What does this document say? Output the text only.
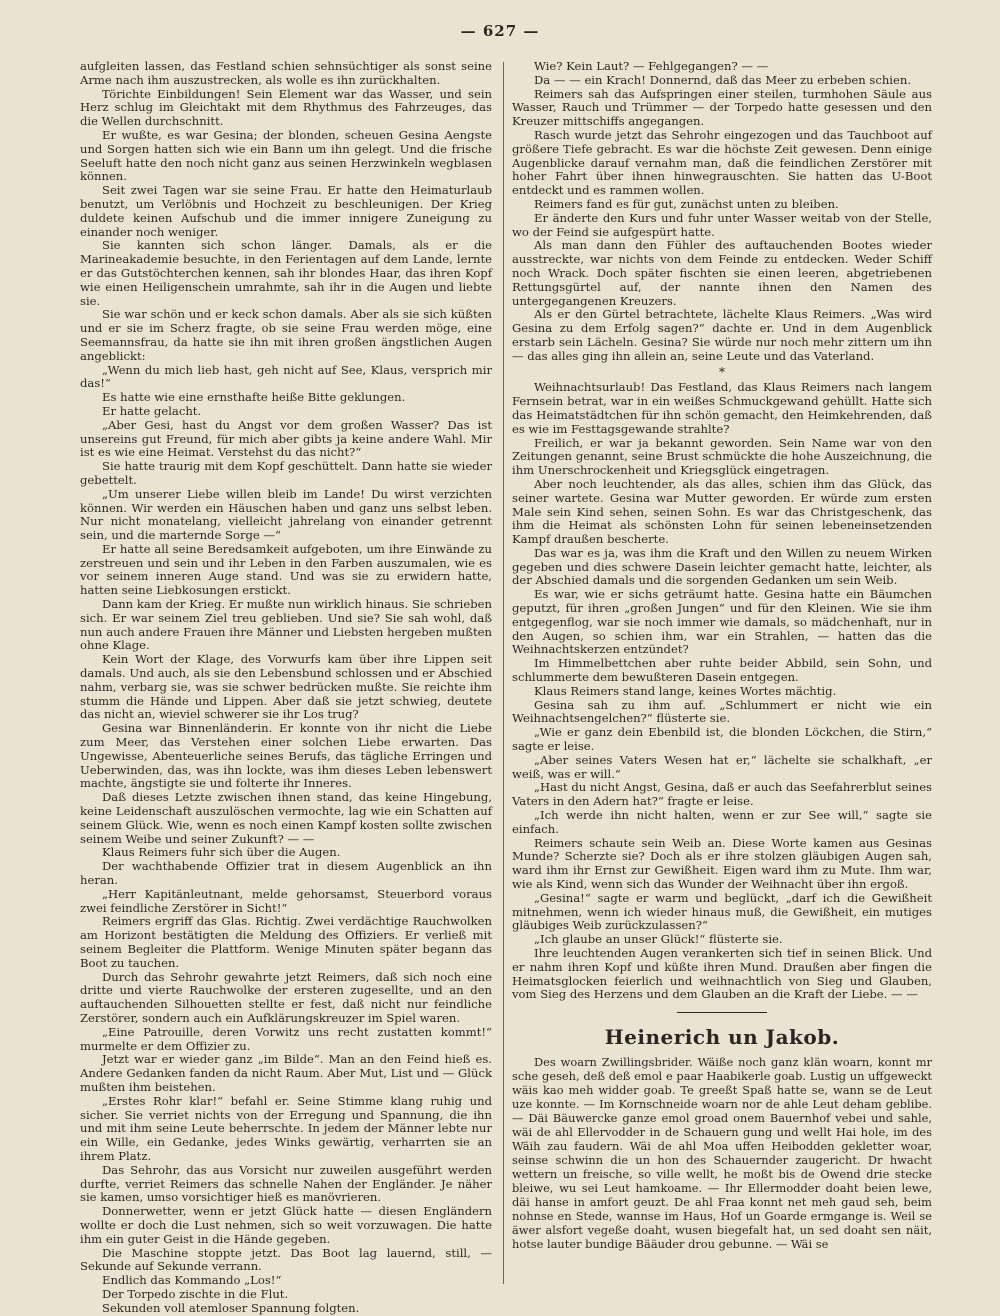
— 627 —

aufgleiten lassen, das Festland schien sehnsüchtiger als sonst seine Arme nach ihm auszustrecken, als wolle es ihn zurückhalten.

Törichte Einbildungen! Sein Element war das Wasser, und sein Herz schlug im Gleichtakt mit dem Rhythmus des Fahrzeuges, das die Wellen durchschnitt.

Er wußte, es war Gesina; der blonden, scheuen Gesina Aengste und Sorgen hatten sich wie ein Bann um ihn gelegt. Und die frische Seeluft hatte den noch nicht ganz aus seinen Herzwinkeln wegblasen können.

Seit zwei Tagen war sie seine Frau. Er hatte den Heimaturlaub benutzt, um Verlöbnis und Hochzeit zu beschleunigen. Der Krieg duldete keinen Aufschub und die immer innigere Zuneigung zu einander noch weniger.

Sie kannten sich schon länger. Damals, als er die Marineakademie besuchte, in den Ferientagen auf dem Lande, lernte er das Gutstöchterchen kennen, sah ihr blondes Haar, das ihren Kopf wie einen Heiligenschein umrahmte, sah ihr in die Augen und liebte sie.

Sie war schön und er keck schon damals. Aber als sie sich küßten und er sie im Scherz fragte, ob sie seine Frau werden möge, eine Seemannsfrau, da hatte sie ihn mit ihren großen ängstlichen Augen angeblickt:

„Wenn du mich lieb hast, geh nicht auf See, Klaus, versprich mir das!“

Es hatte wie eine ernsthafte heiße Bitte geklungen.

Er hatte gelacht.

„Aber Gesi, hast du Angst vor dem großen Wasser? Das ist unsereins gut Freund, für mich aber gibts ja keine andere Wahl. Mir ist es wie eine Heimat. Verstehst du das nicht?“

Sie hatte traurig mit dem Kopf geschüttelt. Dann hatte sie wieder gebettelt.

„Um unserer Liebe willen bleib im Lande! Du wirst verzichten können. Wir werden ein Häuschen haben und ganz uns selbst leben. Nur nicht monatelang, vielleicht jahrelang von einander getrennt sein, und die marternde Sorge —“

Er hatte all seine Beredsamkeit aufgeboten, um ihre Einwände zu zerstreuen und sein und ihr Leben in den Farben auszumalen, wie es vor seinem inneren Auge stand. Und was sie zu erwidern hatte, hatten seine Liebkosungen erstickt.

Dann kam der Krieg. Er mußte nun wirklich hinaus. Sie schrieben sich. Er war seinem Ziel treu geblieben. Und sie? Sie sah wohl, daß nun auch andere Frauen ihre Männer und Liebsten hergeben mußten ohne Klage.

Kein Wort der Klage, des Vorwurfs kam über ihre Lippen seit damals. Und auch, als sie den Lebensbund schlossen und er Abschied nahm, verbarg sie, was sie schwer bedrücken mußte. Sie reichte ihm stumm die Hände und Lippen. Aber daß sie jetzt schwieg, deutete das nicht an, wieviel schwerer sie ihr Los trug?

Gesina war Binnenländerin. Er konnte von ihr nicht die Liebe zum Meer, das Verstehen einer solchen Liebe erwarten. Das Ungewisse, Abenteuerliche seines Berufs, das tägliche Erringen und Ueberwinden, das, was ihn lockte, was ihm dieses Leben lebenswert machte, ängstigte sie und folterte ihr Inneres.

Daß dieses Letzte zwischen ihnen stand, das keine Hingebung, keine Leidenschaft auszulöschen vermochte, lag wie ein Schatten auf seinem Glück. Wie, wenn es noch einen Kampf kosten sollte zwischen seinem Weibe und seiner Zukunft? — —

Klaus Reimers fuhr sich über die Augen.

Der wachthabende Offizier trat in diesem Augenblick an ihn heran.

„Herr Kapitänleutnant, melde gehorsamst, Steuerbord voraus zwei feindliche Zerstörer in Sicht!“

Reimers ergriff das Glas. Richtig. Zwei verdächtige Rauchwolken am Horizont bestätigten die Meldung des Offiziers. Er verließ mit seinem Begleiter die Plattform. Wenige Minuten später begann das Boot zu tauchen.

Durch das Sehrohr gewahrte jetzt Reimers, daß sich noch eine dritte und vierte Rauchwolke der ersteren zugesellte, und an den auftauchenden Silhouetten stellte er fest, daß nicht nur feindliche Zerstörer, sondern auch ein Aufklärungskreuzer im Spiel waren.

„Eine Patrouille, deren Vorwitz uns recht zustatten kommt!“ murmelte er dem Offizier zu.

Jetzt war er wieder ganz „im Bilde“. Man an den Feind hieß es. Andere Gedanken fanden da nicht Raum. Aber Mut, List und — Glück mußten ihm beistehen.

„Erstes Rohr klar!“ befahl er. Seine Stimme klang ruhig und sicher. Sie verriet nichts von der Erregung und Spannung, die ihn und mit ihm seine Leute beherrschte. In jedem der Männer lebte nur ein Wille, ein Gedanke, jedes Winks gewärtig, verharrten sie an ihrem Platz.

Das Sehrohr, das aus Vorsicht nur zuweilen ausgeführt werden durfte, verriet Reimers das schnelle Nahen der Engländer. Je näher sie kamen, umso vorsichtiger hieß es manövrieren.

Donnerwetter, wenn er jetzt Glück hatte — diesen Engländern wollte er doch die Lust nehmen, sich so weit vorzuwagen. Die hatte ihm ein guter Geist in die Hände gegeben.

Die Maschine stoppte jetzt. Das Boot lag lauernd, still, — Sekunde auf Sekunde verrann.

Endlich das Kommando „Los!“

Der Torpedo zischte in die Flut.

Sekunden voll atemloser Spannung folgten.

Wie? Kein Laut? — Fehlgegangen? — —

Da — — ein Krach! Donnernd, daß das Meer zu erbeben schien.

Reimers sah das Aufspringen einer steilen, turmhohen Säule aus Wasser, Rauch und Trümmer — der Torpedo hatte gesessen und den Kreuzer mittschiffs angegangen.

Rasch wurde jetzt das Sehrohr eingezogen und das Tauchboot auf größere Tiefe gebracht. Es war die höchste Zeit gewesen. Denn einige Augenblicke darauf vernahm man, daß die feindlichen Zerstörer mit hoher Fahrt über ihnen hinwegrauschten. Sie hatten das U-Boot entdeckt und es rammen wollen.

Reimers fand es für gut, zunächst unten zu bleiben.

Er änderte den Kurs und fuhr unter Wasser weitab von der Stelle, wo der Feind sie aufgespürt hatte.

Als man dann den Fühler des auftauchenden Bootes wieder ausstreckte, war nichts von dem Feinde zu entdecken. Weder Schiff noch Wrack. Doch später fischten sie einen leeren, abgetriebenen Rettungsgürtel auf, der nannte ihnen den Namen des untergegangenen Kreuzers.

Als er den Gürtel betrachtete, lächelte Klaus Reimers. „Was wird Gesina zu dem Erfolg sagen?“ dachte er. Und in dem Augenblick erstarb sein Lächeln. Gesina? Sie würde nur noch mehr zittern um ihn — das alles ging ihn allein an, seine Leute und das Vaterland.

*

Weihnachtsurlaub! Das Festland, das Klaus Reimers nach langem Fernsein betrat, war in ein weißes Schmuckgewand gehüllt. Hatte sich das Heimatstädtchen für ihn schön gemacht, den Heimkehrenden, daß es wie im Festtagsgewande strahlte?

Freilich, er war ja bekannt geworden. Sein Name war von den Zeitungen genannt, seine Brust schmückte die hohe Auszeichnung, die ihm Unerschrockenheit und Kriegsglück eingetragen.

Aber noch leuchtender, als das alles, schien ihm das Glück, das seiner wartete. Gesina war Mutter geworden. Er würde zum ersten Male sein Kind sehen, seinen Sohn. Es war das Christgeschenk, das ihm die Heimat als schönsten Lohn für seinen lebeneinsetzenden Kampf draußen bescherte.

Das war es ja, was ihm die Kraft und den Willen zu neuem Wirken gegeben und dies schwere Dasein leichter gemacht hatte, leichter, als der Abschied damals und die sorgenden Gedanken um sein Weib.

Es war, wie er sichs geträumt hatte. Gesina hatte ein Bäumchen geputzt, für ihren „großen Jungen“ und für den Kleinen. Wie sie ihm entgegenflog, war sie noch immer wie damals, so mädchenhaft, nur in den Augen, so schien ihm, war ein Strahlen, — hatten das die Weihnachtskerzen entzündet?

Im Himmelbettchen aber ruhte beider Abbild, sein Sohn, und schlummerte dem bewußteren Dasein entgegen.

Klaus Reimers stand lange, keines Wortes mächtig.

Gesina sah zu ihm auf. „Schlummert er nicht wie ein Weihnachtsengelchen?“ flüsterte sie.

„Wie er ganz dein Ebenbild ist, die blonden Löckchen, die Stirn,“ sagte er leise.

„Aber seines Vaters Wesen hat er,“ lächelte sie schalkhaft, „er weiß, was er will.“

„Hast du nicht Angst, Gesina, daß er auch das Seefahrerblut seines Vaters in den Adern hat?“ fragte er leise.

„Ich werde ihn nicht halten, wenn er zur See will,“ sagte sie einfach.

Reimers schaute sein Weib an. Diese Worte kamen aus Gesinas Munde? Scherzte sie? Doch als er ihre stolzen gläubigen Augen sah, ward ihm ihr Ernst zur Gewißheit. Eigen ward ihm zu Mute. Ihm war, wie als Kind, wenn sich das Wunder der Weihnacht über ihn ergoß.

„Gesina!“ sagte er warm und beglückt, „darf ich die Gewißheit mitnehmen, wenn ich wieder hinaus muß, die Gewißheit, ein mutiges gläubiges Weib zurückzulassen?“

„Ich glaube an unser Glück!“ flüsterte sie.

Ihre leuchtenden Augen verankerten sich tief in seinen Blick. Und er nahm ihren Kopf und küßte ihren Mund. Draußen aber fingen die Heimatsglocken feierlich und weihnachtlich von Sieg und Glauben, vom Sieg des Herzens und dem Glauben an die Kraft der Liebe. — —

Heinerich un Jakob.

Des woarn Zwillingsbrider. Wäiße noch ganz klän woarn, konnt mr sche geseh, deß deß emol e paar Haabikerle goab. Lustig un uffgeweckt wäis kao meh widder goab. Te greeßt Spaß hatte se, wann se de Leut uze konnte. — Im Kornschneide woarn nor de ahle Leut deham geblibe. — Däi Bäuwercke ganze emol groad onem Bauernhof vebei und sahle, wäi de ahl Ellervodder in de Schauern gung und wellt Hai hole, im des Wäih zau faudern. Wäi de ahl Moa uffen Heibodden gekletter woar, seinse schwinn die un hon des Schauernder zaugericht. Dr hwacht wettern un freische, so ville wellt, he moßt bis de Owend drie stecke bleiwe, wu sei Leut hamkoame. — Ihr Ellermodder doaht beien lewe, däi hanse in amfort geuzt. De ahl Fraa konnt net meh gaud seh, beim nohnse en Stede, wannse im Haus, Hof un Goarde ermgange is. Weil se äwer alsfort vegeße doaht, wusen biegefalt hat, un sed doaht sen näit, hotse lauter bundige Bääuder drou gebunne. — Wäi se
